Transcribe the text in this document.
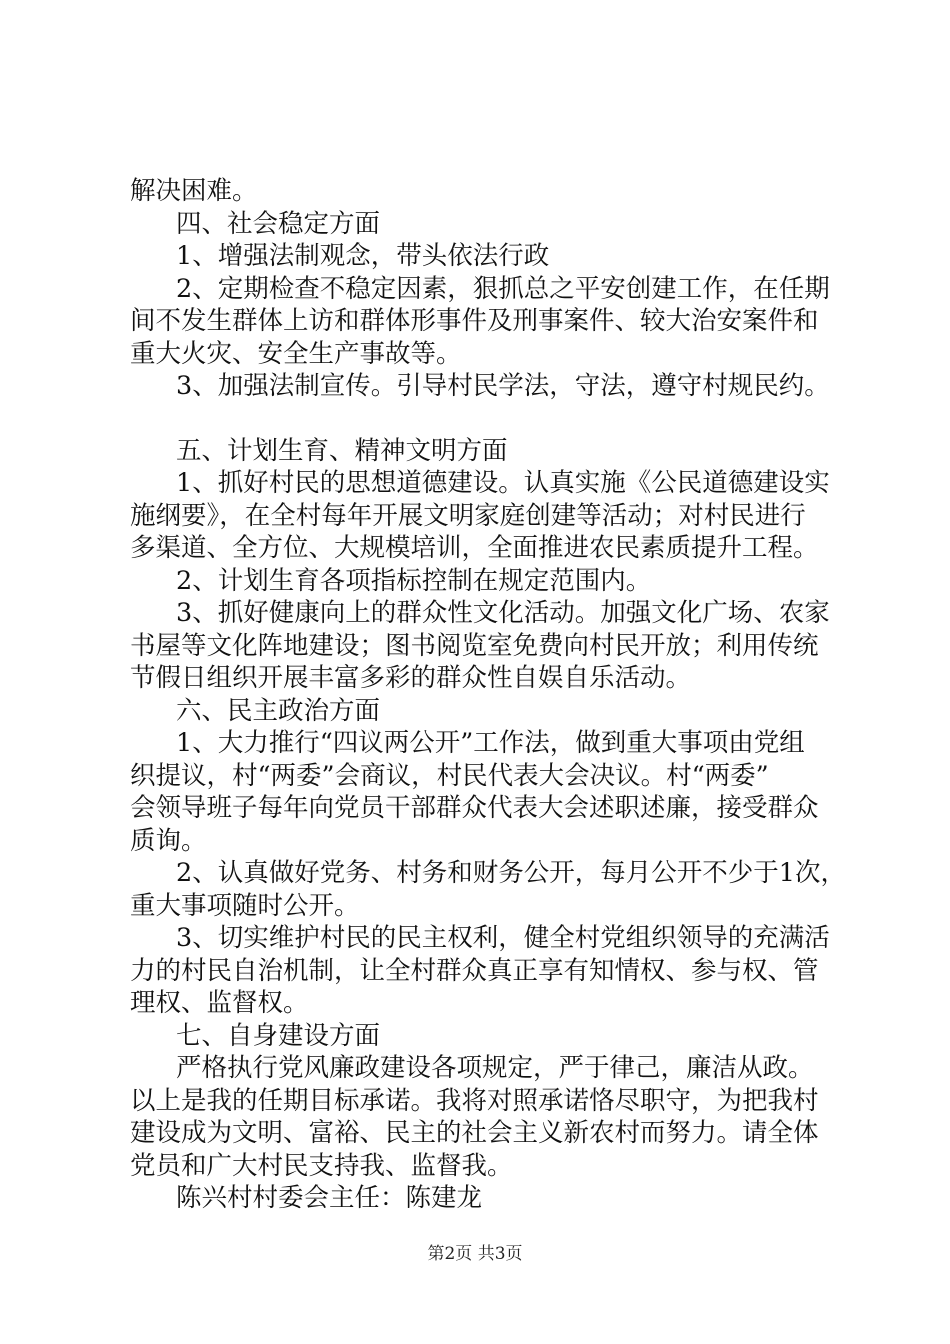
解决困难。
四、社会稳定方面
1、增强法制观念，带头依法行政
2、定期检查不稳定因素，狠抓总之平安创建工作，在任期
间不发生群体上访和群体形事件及刑事案件、较大治安案件和
重大火灾、安全生产事故等。
3、加强法制宣传。引导村民学法，守法，遵守村规民约。
五、计划生育、精神文明方面
1、抓好村民的思想道德建设。认真实施《公民道德建设实
施纲要》，在全村每年开展文明家庭创建等活动；对村民进行
多渠道、全方位、大规模培训，全面推进农民素质提升工程。
2、计划生育各项指标控制在规定范围内。
3、抓好健康向上的群众性文化活动。加强文化广场、农家
书屋等文化阵地建设；图书阅览室免费向村民开放；利用传统
节假日组织开展丰富多彩的群众性自娱自乐活动。
六、民主政治方面
1、大力推行“四议两公开”工作法，做到重大事项由党组
织提议，村“两委”会商议，村民代表大会决议。村“两委”
会领导班子每年向党员干部群众代表大会述职述廉，接受群众
质询。
2、认真做好党务、村务和财务公开，每月公开不少于1次，
重大事项随时公开。
3、切实维护村民的民主权利，健全村党组织领导的充满活
力的村民自治机制，让全村群众真正享有知情权、参与权、管
理权、监督权。
七、自身建设方面
严格执行党风廉政建设各项规定，严于律己，廉洁从政。
以上是我的任期目标承诺。我将对照承诺恪尽职守，为把我村
建设成为文明、富裕、民主的社会主义新农村而努力。请全体
党员和广大村民支持我、监督我。
陈兴村村委会主任：陈建龙
第2页 共3页
